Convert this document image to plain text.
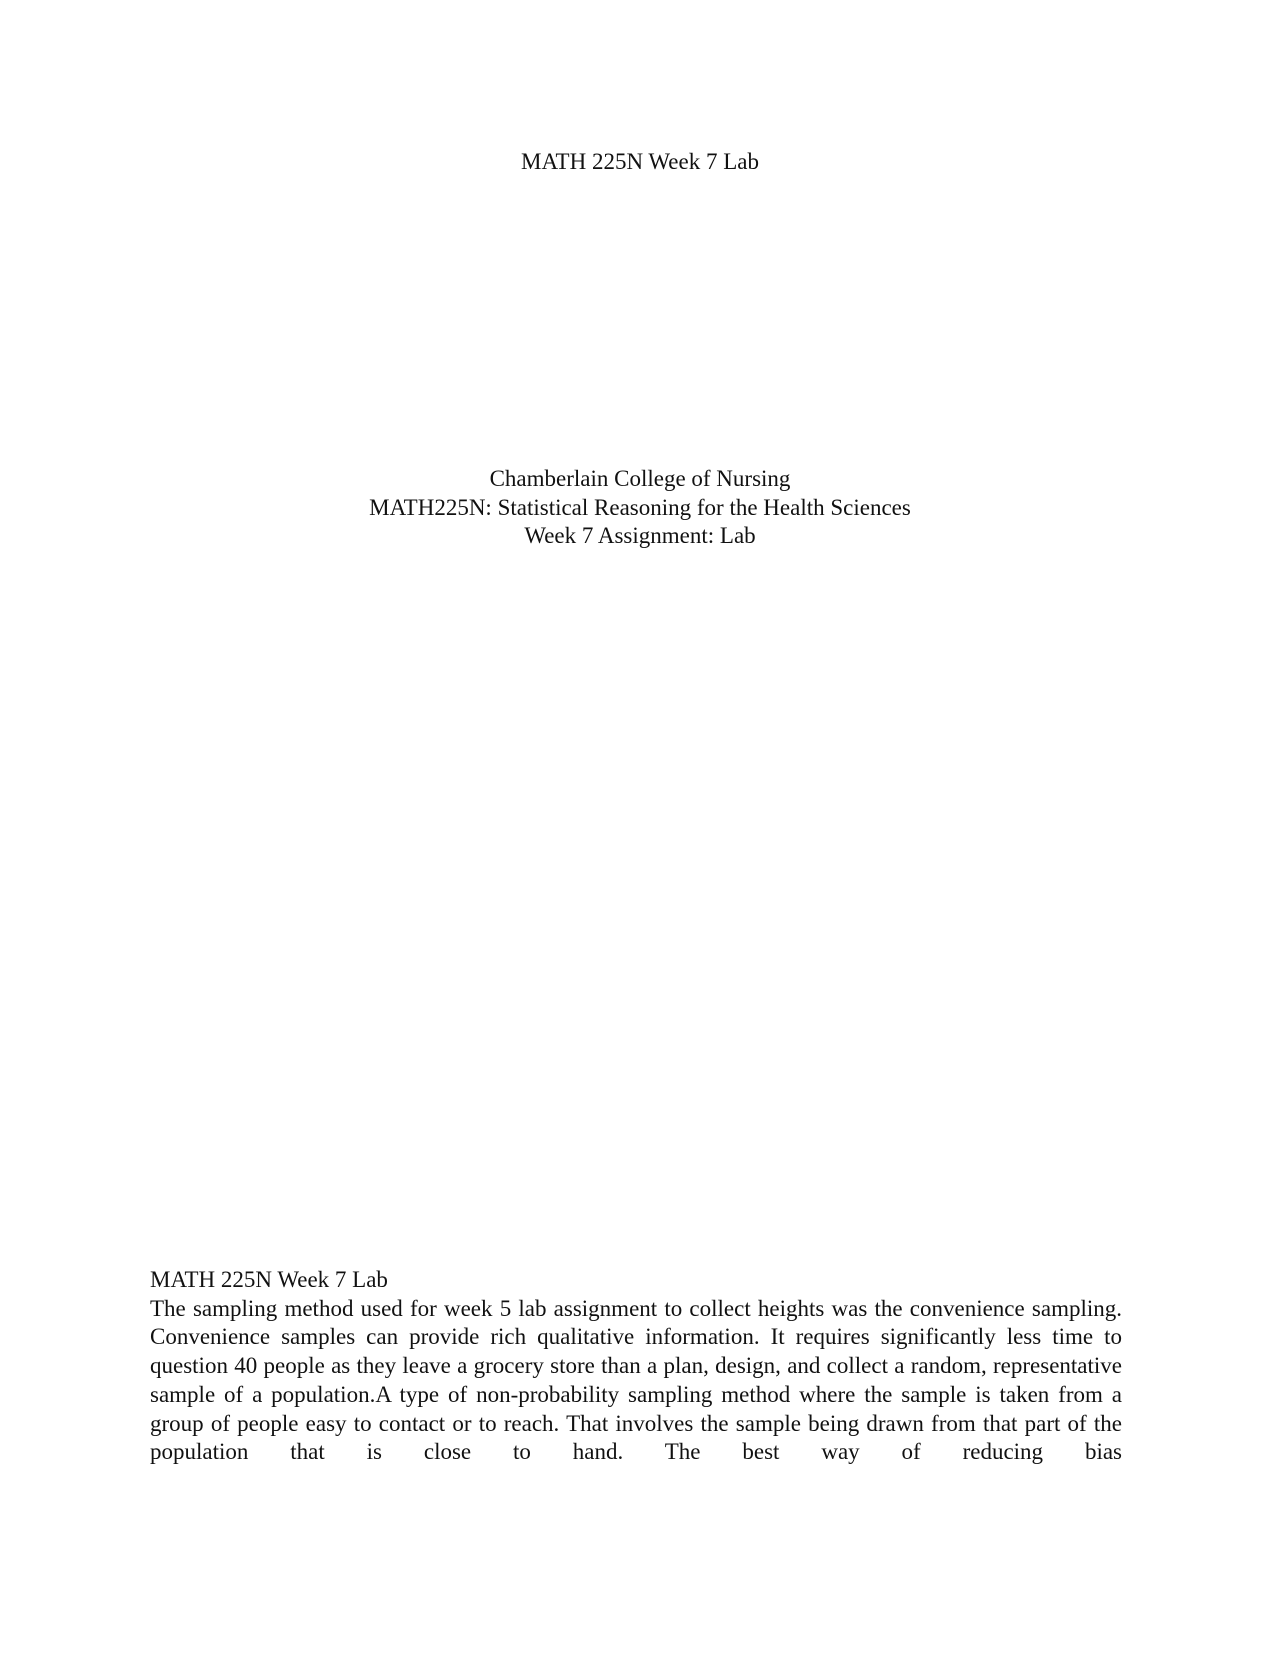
MATH 225N Week 7 Lab
Chamberlain College of Nursing
MATH225N: Statistical Reasoning for the Health Sciences
Week 7 Assignment: Lab
MATH 225N Week 7 Lab

The sampling method used for week 5 lab assignment to collect heights was the convenience sampling. Convenience samples can provide rich qualitative information. It requires significantly less time to question 40 people as they leave a grocery store than a plan, design, and collect a random, representative sample of a population.A type of non-probability sampling method where the sample is taken from a group of people easy to contact or to reach. That involves the sample being drawn from that part of the population that is close to hand. The best way of reducing bias
